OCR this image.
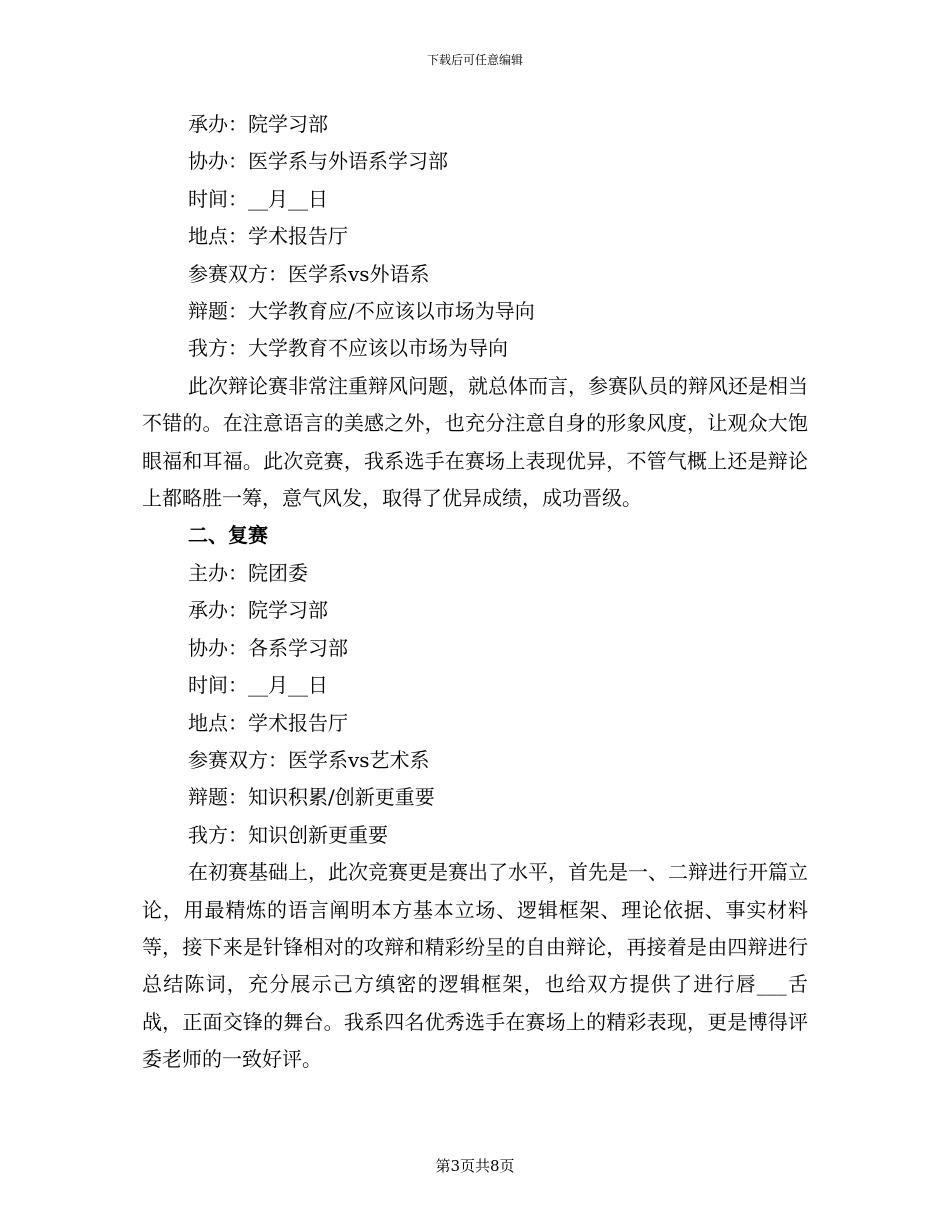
下载后可任意编辑
承办：院学习部
协办：医学系与外语系学习部
时间：__月__日
地点：学术报告厅
参赛双方：医学系vs外语系
辩题：大学教育应/不应该以市场为导向
我方：大学教育不应该以市场为导向

此次辩论赛非常注重辩风问题，就总体而言，参赛队员的辩风还是相当不错的。在注意语言的美感之外，也充分注意自身的形象风度，让观众大饱眼福和耳福。此次竞赛，我系选手在赛场上表现优异，不管气概上还是辩论上都略胜一筹，意气风发，取得了优异成绩，成功晋级。

二、复赛
主办：院团委
承办：院学习部
协办：各系学习部
时间：__月__日
地点：学术报告厅
参赛双方：医学系vs艺术系
辩题：知识积累/创新更重要
我方：知识创新更重要

在初赛基础上，此次竞赛更是赛出了水平，首先是一、二辩进行开篇立论，用最精炼的语言阐明本方基本立场、逻辑框架、理论依据、事实材料等，接下来是针锋相对的攻辩和精彩纷呈的自由辩论，再接着是由四辩进行总结陈词，充分展示己方缜密的逻辑框架，也给双方提供了进行唇___舌战，正面交锋的舞台。我系四名优秀选手在赛场上的精彩表现，更是博得评委老师的一致好评。

第3页共8页
